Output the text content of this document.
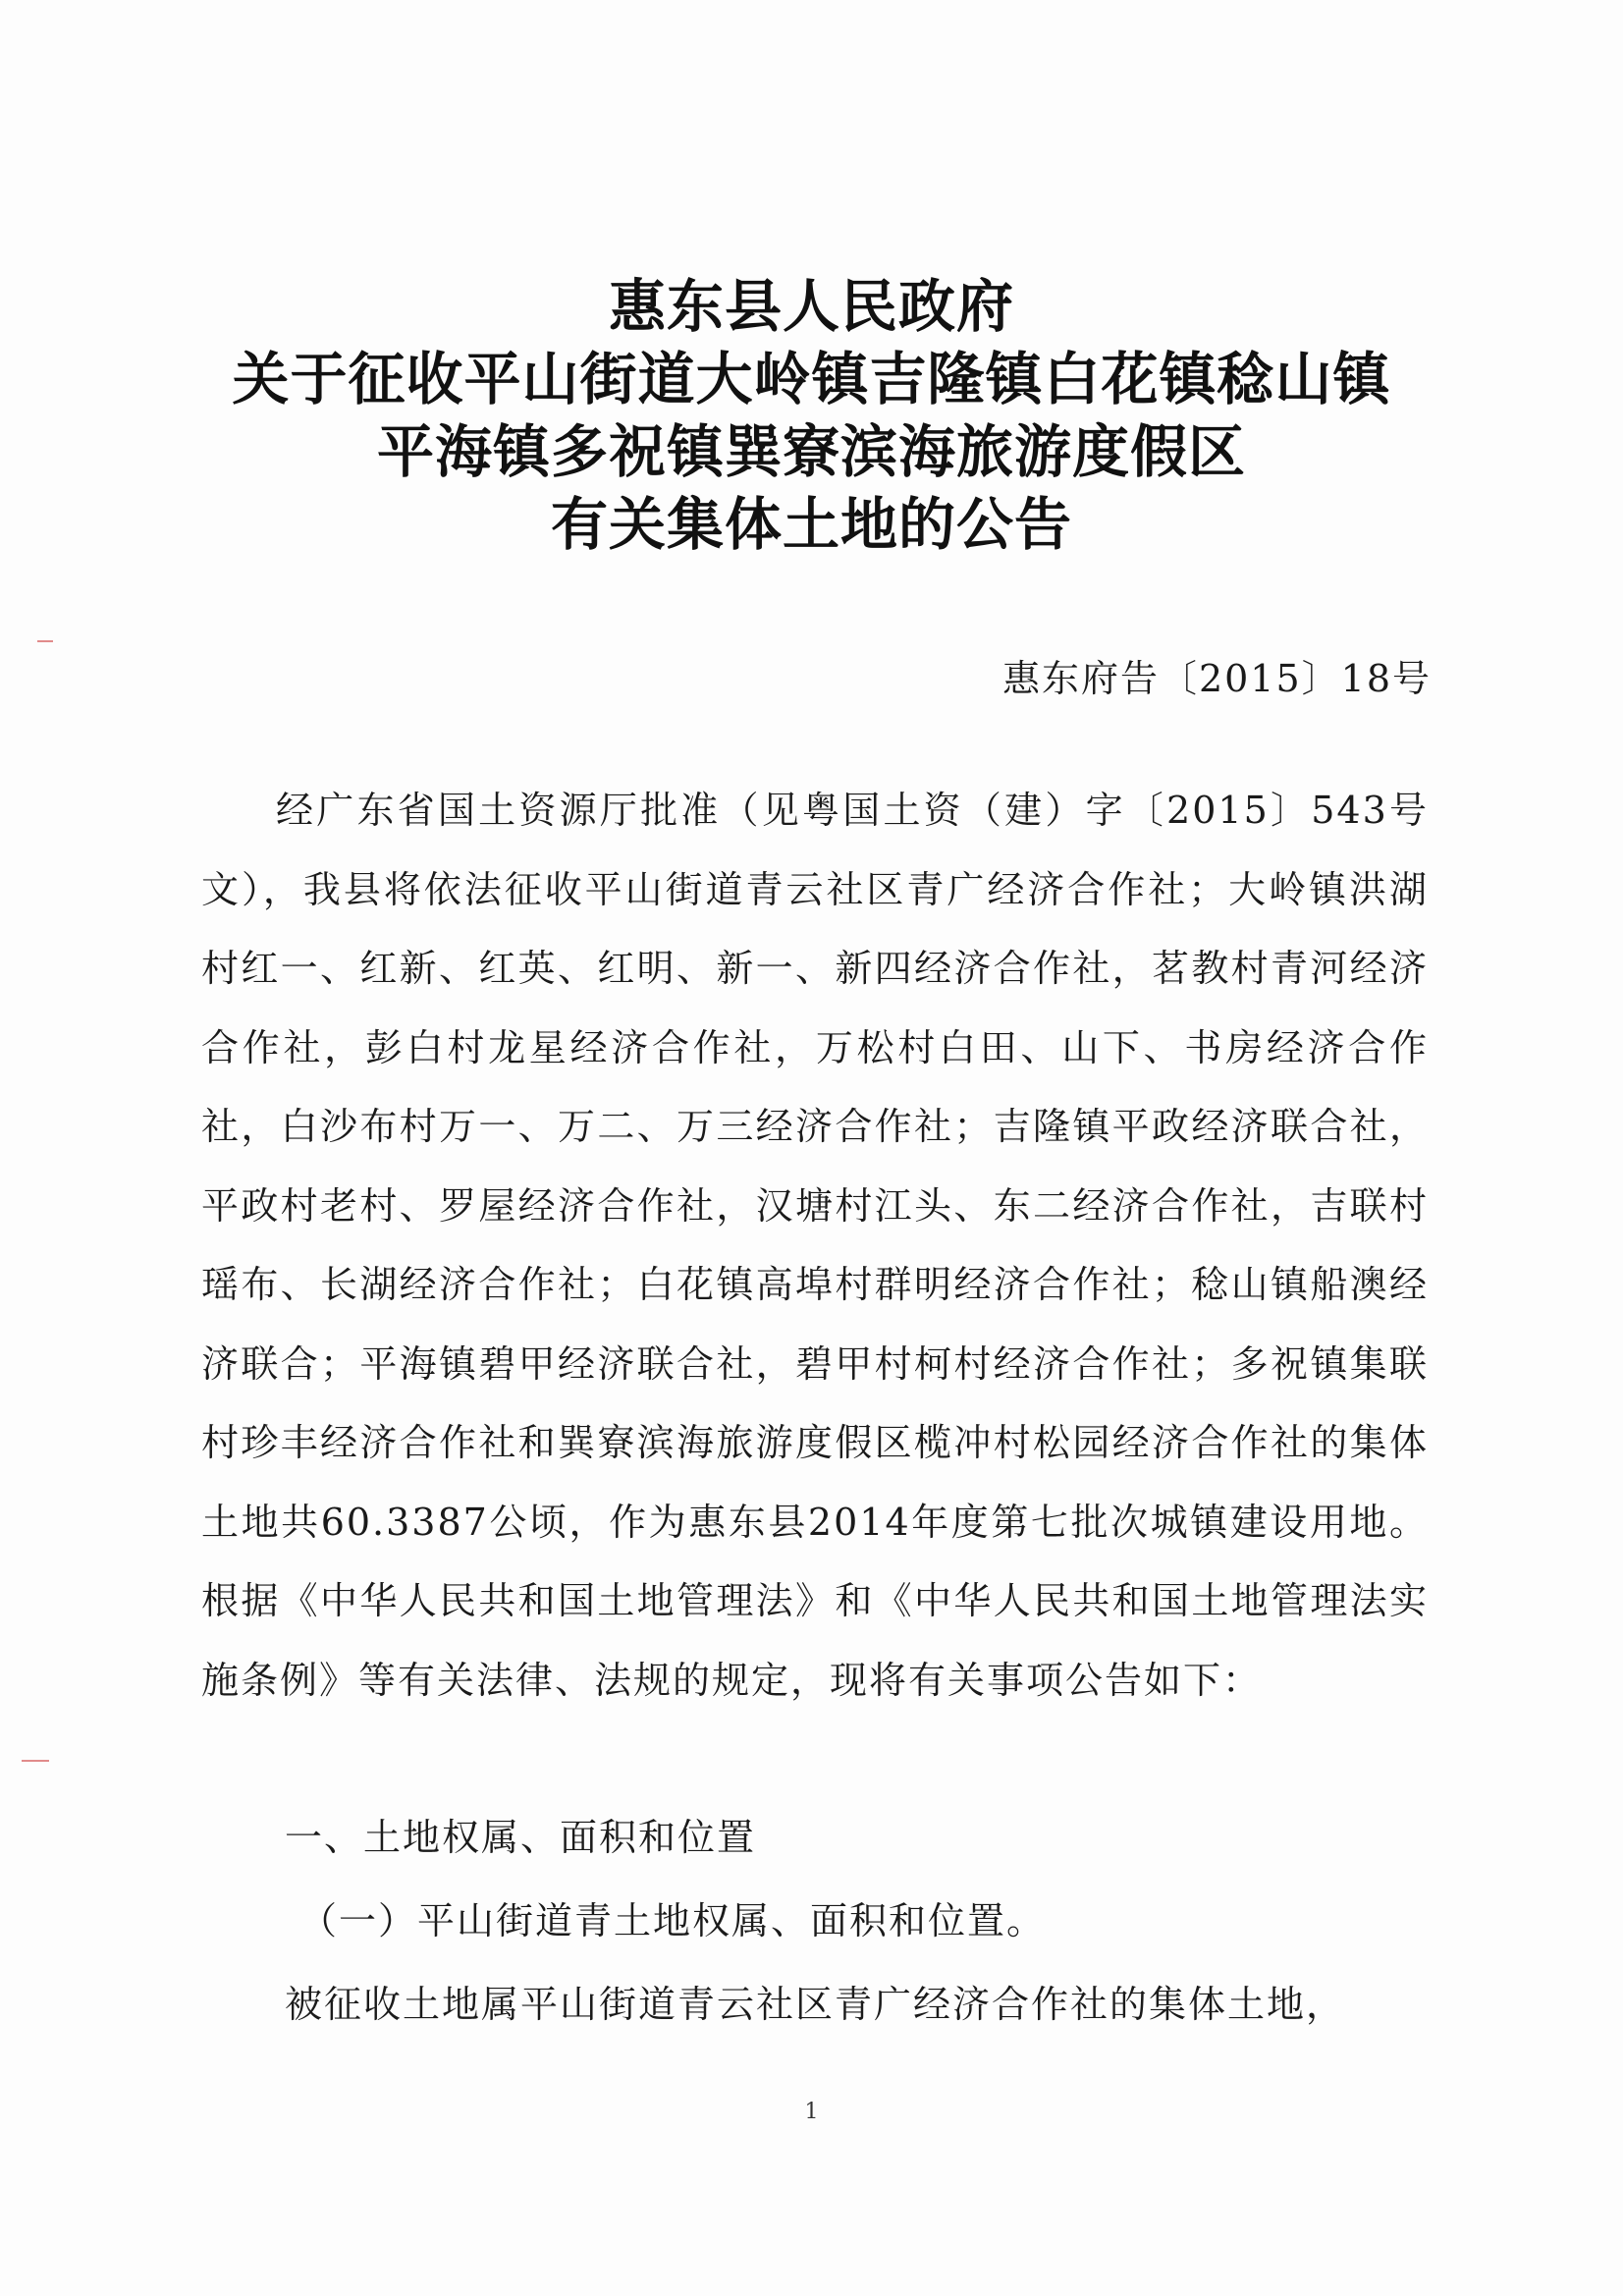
惠东县人民政府
关于征收平山街道大岭镇吉隆镇白花镇稔山镇
平海镇多祝镇巽寮滨海旅游度假区
有关集体土地的公告
惠东府告〔2015〕18号

经广东省国土资源厅批准（见粤国土资（建）字〔2015〕543号文），我县将依法征收平山街道青云社区青广经济合作社；大岭镇洪湖村红一、红新、红英、红明、新一、新四经济合作社，茗教村青河经济合作社，彭白村龙星经济合作社，万松村白田、山下、书房经济合作社，白沙布村万一、万二、万三经济合作社；吉隆镇平政经济联合社，平政村老村、罗屋经济合作社，汉塘村江头、东二经济合作社，吉联村瑶布、长湖经济合作社；白花镇高埠村群明经济合作社；稔山镇船澳经济联合；平海镇碧甲经济联合社，碧甲村柯村经济合作社；多祝镇集联村珍丰经济合作社和巽寮滨海旅游度假区榄冲村松园经济合作社的集体土地共60.3387公顷，作为惠东县2014年度第七批次城镇建设用地。根据《中华人民共和国土地管理法》和《中华人民共和国土地管理法实施条例》等有关法律、法规的规定，现将有关事项公告如下：

一、土地权属、面积和位置
（一）平山街道青土地权属、面积和位置。
被征收土地属平山街道青云社区青广经济合作社的集体土地，
1
